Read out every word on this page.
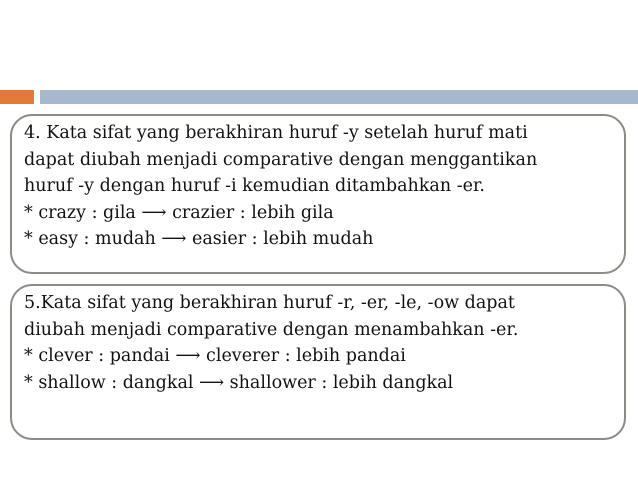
4. Kata sifat yang berakhiran huruf -y setelah huruf mati
dapat diubah menjadi comparative dengan menggantikan
huruf -y dengan huruf -i kemudian ditambahkan -er.
* crazy : gila ⟶ crazier : lebih gila
* easy : mudah ⟶ easier : lebih mudah
5.Kata sifat yang berakhiran huruf -r, -er, -le, -ow dapat
diubah menjadi comparative dengan menambahkan -er.
* clever : pandai ⟶ cleverer : lebih pandai
* shallow : dangkal ⟶ shallower : lebih dangkal
